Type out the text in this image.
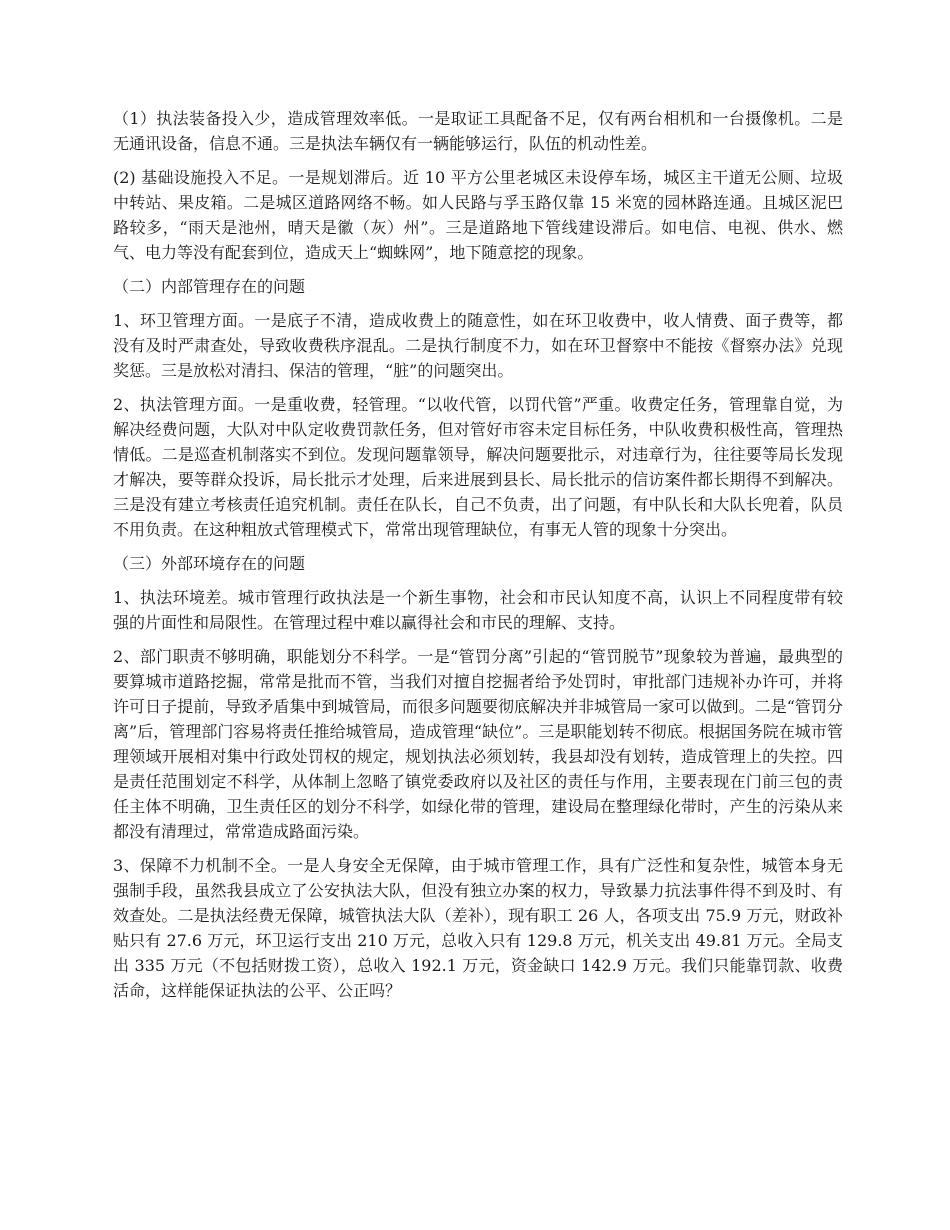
（1）执法装备投入少，造成管理效率低。一是取证工具配备不足，仅有两台相机和一台摄像机。二是无通讯设备，信息不通。三是执法车辆仅有一辆能够运行，队伍的机动性差。

(2) 基础设施投入不足。一是规划滞后。近 10 平方公里老城区未设停车场，城区主干道无公厕、垃圾中转站、果皮箱。二是城区道路网络不畅。如人民路与孚玉路仅靠 15 米宽的园林路连通。且城区泥巴路较多，“雨天是池州，晴天是徽（灰）州”。三是道路地下管线建设滞后。如电信、电视、供水、燃气、电力等没有配套到位，造成天上“蜘蛛网”，地下随意挖的现象。

（二）内部管理存在的问题

1、环卫管理方面。一是底子不清，造成收费上的随意性，如在环卫收费中，收人情费、面子费等，都没有及时严肃查处，导致收费秩序混乱。二是执行制度不力，如在环卫督察中不能按《督察办法》兑现奖惩。三是放松对清扫、保洁的管理，“脏”的问题突出。

2、执法管理方面。一是重收费，轻管理。“以收代管，以罚代管”严重。收费定任务，管理靠自觉，为解决经费问题，大队对中队定收费罚款任务，但对管好市容未定目标任务，中队收费积极性高，管理热情低。二是巡查机制落实不到位。发现问题靠领导，解决问题要批示，对违章行为，往往要等局长发现才解决，要等群众投诉，局长批示才处理，后来进展到县长、局长批示的信访案件都长期得不到解决。三是没有建立考核责任追究机制。责任在队长，自己不负责，出了问题，有中队长和大队长兜着，队员不用负责。在这种粗放式管理模式下，常常出现管理缺位，有事无人管的现象十分突出。

（三）外部环境存在的问题

1、执法环境差。城市管理行政执法是一个新生事物，社会和市民认知度不高，认识上不同程度带有较强的片面性和局限性。在管理过程中难以赢得社会和市民的理解、支持。

2、部门职责不够明确，职能划分不科学。一是“管罚分离”引起的“管罚脱节”现象较为普遍，最典型的要算城市道路挖掘，常常是批而不管，当我们对擅自挖掘者给予处罚时，审批部门违规补办许可，并将许可日子提前，导致矛盾集中到城管局，而很多问题要彻底解决并非城管局一家可以做到。二是“管罚分离”后，管理部门容易将责任推给城管局，造成管理“缺位”。三是职能划转不彻底。根据国务院在城市管理领域开展相对集中行政处罚权的规定，规划执法必须划转，我县却没有划转，造成管理上的失控。四是责任范围划定不科学，从体制上忽略了镇党委政府以及社区的责任与作用，主要表现在门前三包的责任主体不明确，卫生责任区的划分不科学，如绿化带的管理，建设局在整理绿化带时，产生的污染从来都没有清理过，常常造成路面污染。

3、保障不力机制不全。一是人身安全无保障，由于城市管理工作，具有广泛性和复杂性，城管本身无强制手段，虽然我县成立了公安执法大队，但没有独立办案的权力，导致暴力抗法事件得不到及时、有效查处。二是执法经费无保障，城管执法大队（差补），现有职工 26 人，各项支出 75.9 万元，财政补贴只有 27.6 万元，环卫运行支出 210 万元，总收入只有 129.8 万元，机关支出 49.81 万元。全局支出 335 万元（不包括财拨工资），总收入 192.1 万元，资金缺口 142.9 万元。我们只能靠罚款、收费活命，这样能保证执法的公平、公正吗？
